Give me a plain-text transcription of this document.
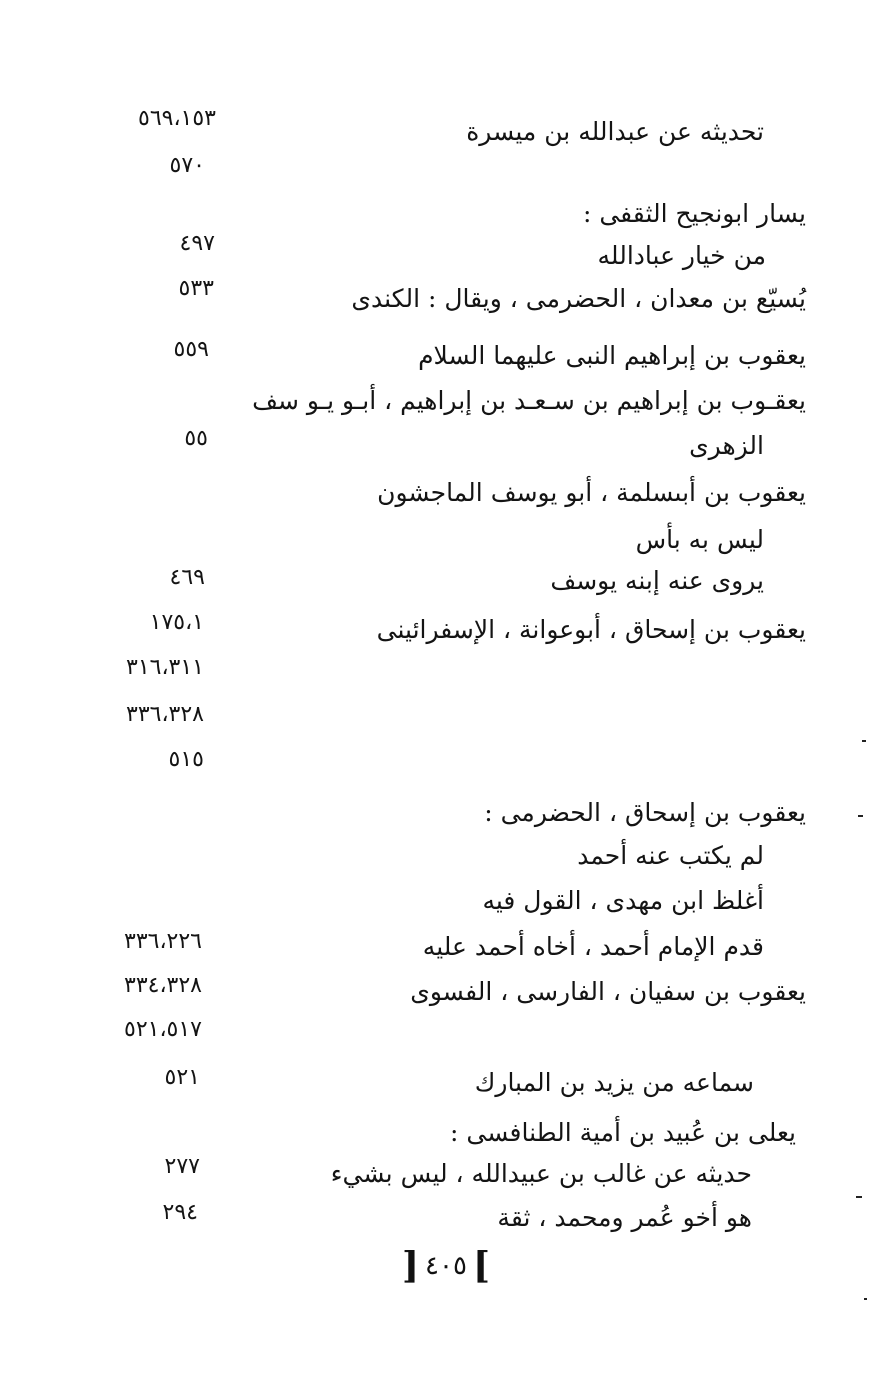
تحديثه عن عبدالله بن ميسرة
٥٦٩،١٥٣
٥٧٠
يسار ابونجيح الثقفى :
من خيار عبادالله
٤٩٧
يُسيّع بن معدان ، الحضرمى ، ويقال : الكندى
٥٣٣
يعقوب بن إبراهيم النبى عليهما السلام
٥٥٩
يعقـوب بن إبراهيم بن سـعـد بن إبراهيم ، أبـو يـو سف
الزهرى
٥٥
يعقوب بن أبىسلمة ، أبو يوسف الماجشون
ليس به بأس
يروى عنه إبنه يوسف
٤٦٩
يعقوب بن إسحاق ، أبوعوانة ، الإسفرائينى
١٧٥،١
٣١٦،٣١١
٣٣٦،٣٢٨
٥١٥
يعقوب بن إسحاق ، الحضرمى :
لم يكتب عنه أحمد
أغلظ ابن مهدى ، القول فيه
قدم الإمام أحمد ، أخاه أحمد عليه
٣٣٦،٢٢٦
يعقوب بن سفيان ، الفارسى ، الفسوى
٣٣٤،٣٢٨
٥٢١،٥١٧
سماعه من يزيد بن المبارك
٥٢١
يعلى بن عُبيد بن أمية الطنافسى :
حديثه عن غالب بن عبيدالله ، ليس بشيء
٢٧٧
هو أخو عُمر ومحمد ، ثقة
٢٩٤
] ٤٠٥ [
